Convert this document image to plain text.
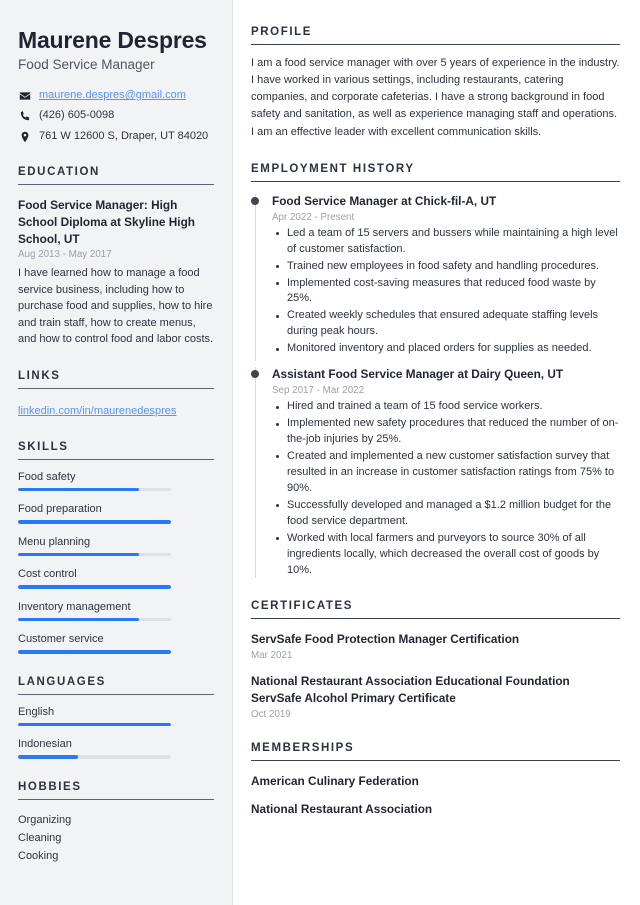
Maurene Despres
Food Service Manager
maurene.despres@gmail.com
(426) 605-0098
761 W 12600 S, Draper, UT 84020
EDUCATION
Food Service Manager: High School Diploma at Skyline High School, UT
Aug 2013 - May 2017
I have learned how to manage a food service business, including how to purchase food and supplies, how to hire and train staff, how to create menus, and how to control food and labor costs.
LINKS
linkedin.com/in/maurenedespres
SKILLS
Food safety
Food preparation
Menu planning
Cost control
Inventory management
Customer service
LANGUAGES
English
Indonesian
HOBBIES
Organizing
Cleaning
Cooking
PROFILE

I am a food service manager with over 5 years of experience in the industry. I have worked in various settings, including restaurants, catering companies, and corporate cafeterias. I have a strong background in food safety and sanitation, as well as experience managing staff and operations. I am an effective leader with excellent communication skills.

EMPLOYMENT HISTORY
Food Service Manager at Chick-fil-A, UT
Apr 2022 - Present
Led a team of 15 servers and bussers while maintaining a high level of customer satisfaction.
Trained new employees in food safety and handling procedures.
Implemented cost-saving measures that reduced food waste by 25%.
Created weekly schedules that ensured adequate staffing levels during peak hours.
Monitored inventory and placed orders for supplies as needed.
Assistant Food Service Manager at Dairy Queen, UT
Sep 2017 - Mar 2022
Hired and trained a team of 15 food service workers.
Implemented new safety procedures that reduced the number of on-the-job injuries by 25%.
Created and implemented a new customer satisfaction survey that resulted in an increase in customer satisfaction ratings from 75% to 90%.
Successfully developed and managed a $1.2 million budget for the food service department.
Worked with local farmers and purveyors to source 30% of all ingredients locally, which decreased the overall cost of goods by 10%.
CERTIFICATES
ServSafe Food Protection Manager Certification
Mar 2021
National Restaurant Association Educational Foundation ServSafe Alcohol Primary Certificate
Oct 2019
MEMBERSHIPS
American Culinary Federation
National Restaurant Association
